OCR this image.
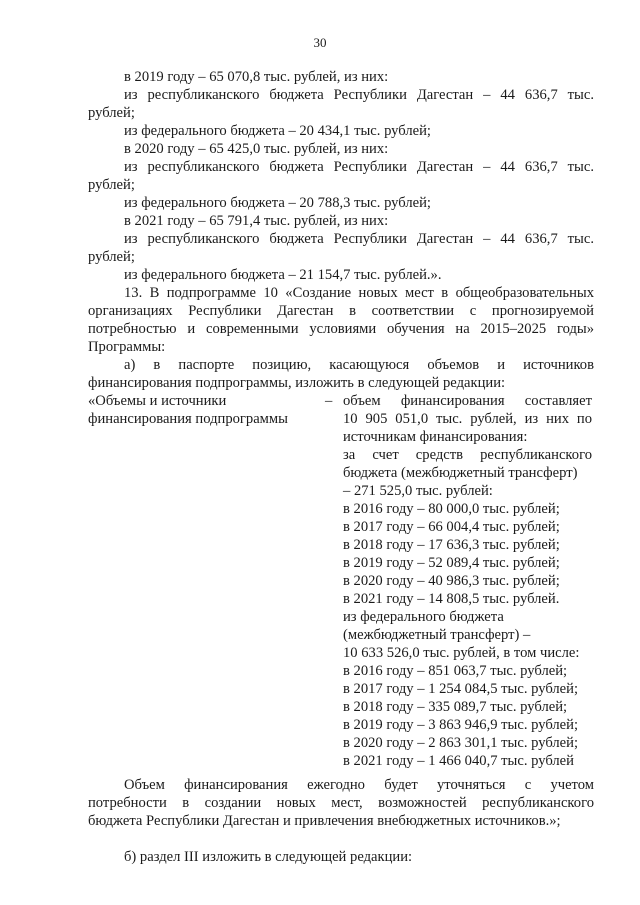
30
в 2019 году – 65 070,8 тыс. рублей, из них:
из республиканского бюджета Республики Дагестан – 44 636,7 тыс.
рублей;
из федерального бюджета – 20 434,1 тыс. рублей;
в 2020 году – 65 425,0 тыс. рублей, из них:
из республиканского бюджета Республики Дагестан – 44 636,7 тыс.
рублей;
из федерального бюджета – 20 788,3 тыс. рублей;
в 2021 году – 65 791,4 тыс. рублей, из них:
из республиканского бюджета Республики Дагестан – 44 636,7 тыс.
рублей;
из федерального бюджета – 21 154,7 тыс. рублей.».
13. В подпрограмме 10 «Создание новых мест в общеобразовательных
организациях Республики Дагестан в соответствии с прогнозируемой
потребностью и современными условиями обучения на 2015–2025 годы»
Программы:
а) в паспорте позицию, касающуюся объемов и источников
финансирования подпрограммы, изложить в следующей редакции:
«Объемы и источники
финансирования подпрограммы
– объем финансирования составляет
10 905 051,0 тыс. рублей, из них по
источникам финансирования:
за счет средств республиканского
бюджета (межбюджетный трансферт)
– 271 525,0 тыс. рублей:
в 2016 году – 80 000,0 тыс. рублей;
в 2017 году – 66 004,4 тыс. рублей;
в 2018 году – 17 636,3 тыс. рублей;
в 2019 году – 52 089,4 тыс. рублей;
в 2020 году – 40 986,3 тыс. рублей;
в 2021 году – 14 808,5 тыс. рублей.
из федерального бюджета
(межбюджетный трансферт) –
10 633 526,0 тыс. рублей, в том числе:
в 2016 году – 851 063,7 тыс. рублей;
в 2017 году – 1 254 084,5 тыс. рублей;
в 2018 году – 335 089,7 тыс. рублей;
в 2019 году – 3 863 946,9 тыс. рублей;
в 2020 году – 2 863 301,1 тыс. рублей;
в 2021 году – 1 466 040,7 тыс. рублей
Объем финансирования ежегодно будет уточняться с учетом
потребности в создании новых мест, возможностей республиканского
бюджета Республики Дагестан и привлечения внебюджетных источников.»;
б) раздел III изложить в следующей редакции:
